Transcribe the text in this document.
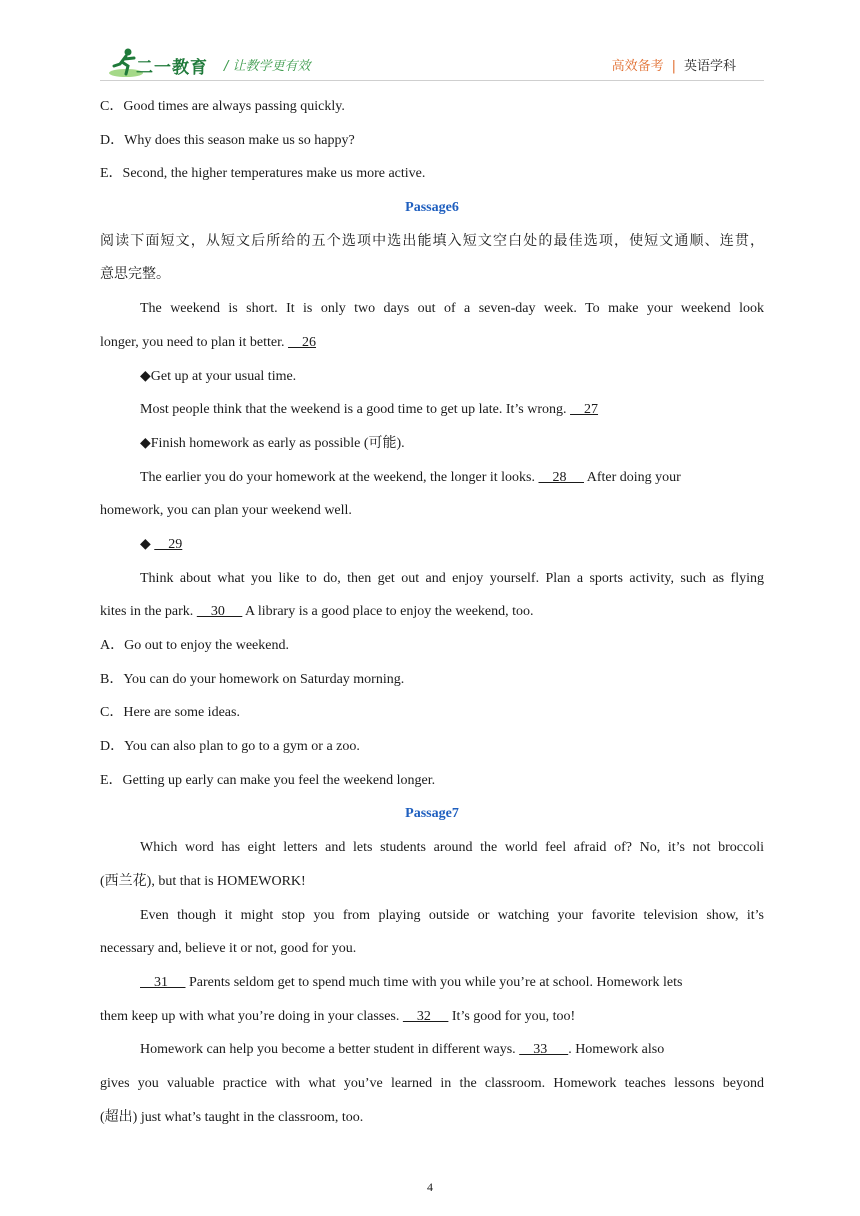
二一教育 / 让教学更有效	高效备考 | 英语学科
C．Good times are always passing quickly.
D．Why does this season make us so happy?
E．Second, the higher temperatures make us more active.
Passage6
阅读下面短文，从短文后所给的五个选项中选出能填入短文空白处的最佳选项，使短文通顺、连贯，
意思完整。
The weekend is short. It is only two days out of a seven-day week. To make your weekend look
longer, you need to plan it better.     26
◆Get up at your usual time.
Most people think that the weekend is a good time to get up late. It’s wrong.     27
◆Finish homework as early as possible (可能).
The earlier you do your homework at the weekend, the longer it looks.     28      After doing your
homework, you can plan your weekend well.
◆     29
Think about what you like to do, then get out and enjoy yourself. Plan a sports activity, such as flying
kites in the park.     30      A library is a good place to enjoy the weekend, too.
A．Go out to enjoy the weekend.
B．You can do your homework on Saturday morning.
C．Here are some ideas.
D．You can also plan to go to a gym or a zoo.
E．Getting up early can make you feel the weekend longer.
Passage7
Which word has eight letters and lets students around the world feel afraid of? No, it’s not broccoli
(西兰花), but that is HOMEWORK!
Even though it might stop you from playing outside or watching your favorite television show, it’s
necessary and, believe it or not, good for you.
31      Parents seldom get to spend much time with you while you’re at school. Homework lets
them keep up with what you’re doing in your classes.     32      It’s good for you, too!
Homework can help you become a better student in different ways.     33      . Homework also
gives you valuable practice with what you’ve learned in the classroom. Homework teaches lessons beyond
(超出) just what’s taught in the classroom, too.
4
